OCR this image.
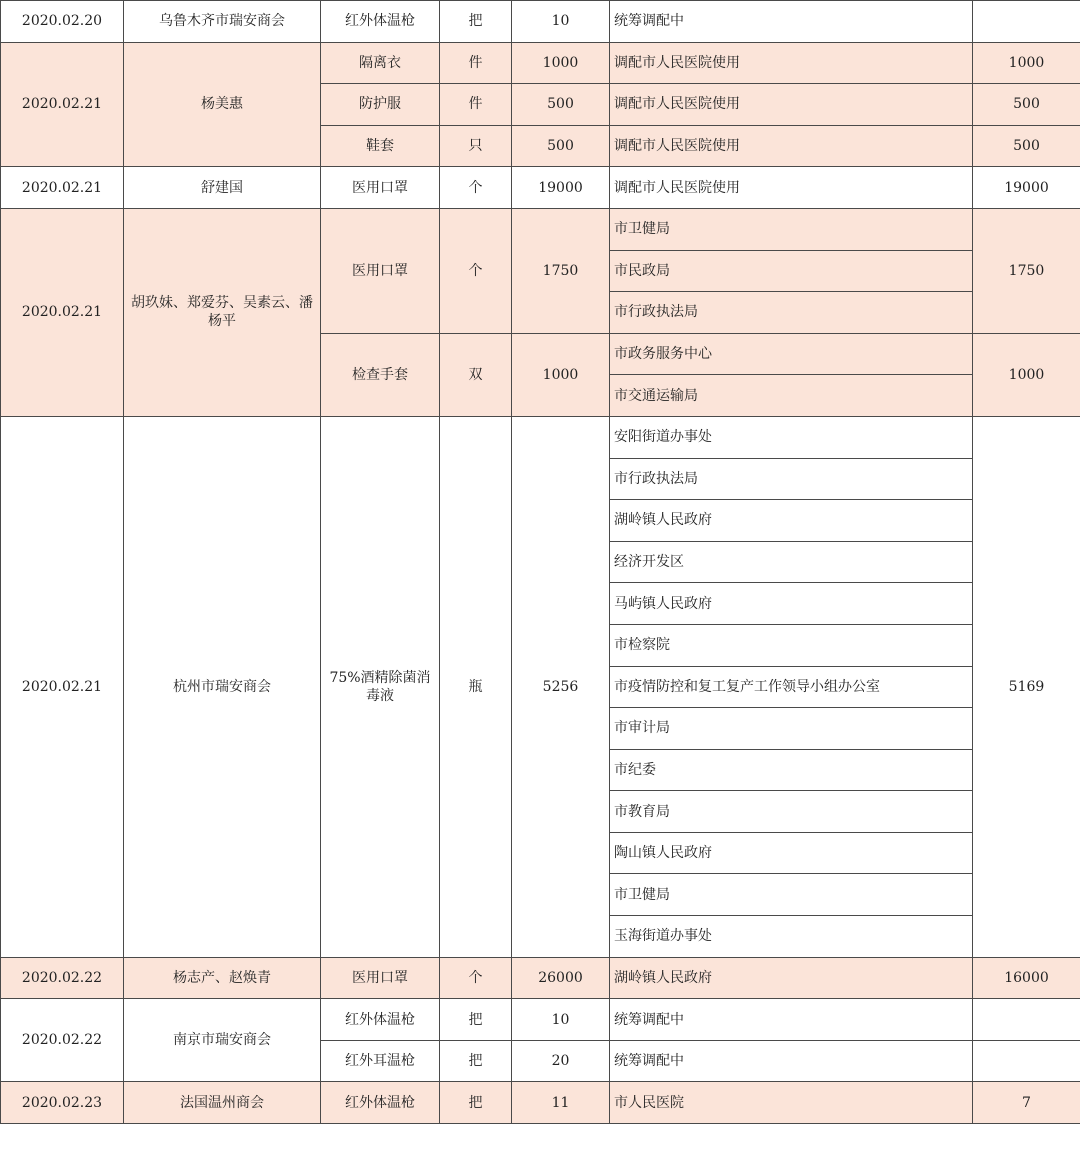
2020.02.20	乌鲁木齐市瑞安商会	红外体温枪	把	10	统筹调配中	
2020.02.21	杨美惠	隔离衣	件	1000	调配市人民医院使用	1000
		防护服	件	500	调配市人民医院使用	500
		鞋套	只	500	调配市人民医院使用	500
2020.02.21	舒建国	医用口罩	个	19000	调配市人民医院使用	19000
2020.02.21	胡玖妹、郑爱芬、吴素云、潘杨平	医用口罩	个	1750	市卫健局	1750
					市民政局	
					市行政执法局	
		检查手套	双	1000	市政务服务中心	1000
					市交通运输局	
2020.02.21	杭州市瑞安商会	75%酒精除菌消毒液	瓶	5256	安阳街道办事处	5169
					市行政执法局	
					湖岭镇人民政府	
					经济开发区	
					马屿镇人民政府	
					市检察院	
					市疫情防控和复工复产工作领导小组办公室	
					市审计局	
					市纪委	
					市教育局	
					陶山镇人民政府	
					市卫健局	
					玉海街道办事处	
2020.02.22	杨志产、赵焕青	医用口罩	个	26000	湖岭镇人民政府	16000
2020.02.22	南京市瑞安商会	红外体温枪	把	10	统筹调配中	
		红外耳温枪	把	20	统筹调配中	
2020.02.23	法国温州商会	红外体温枪	把	11	市人民医院	7
